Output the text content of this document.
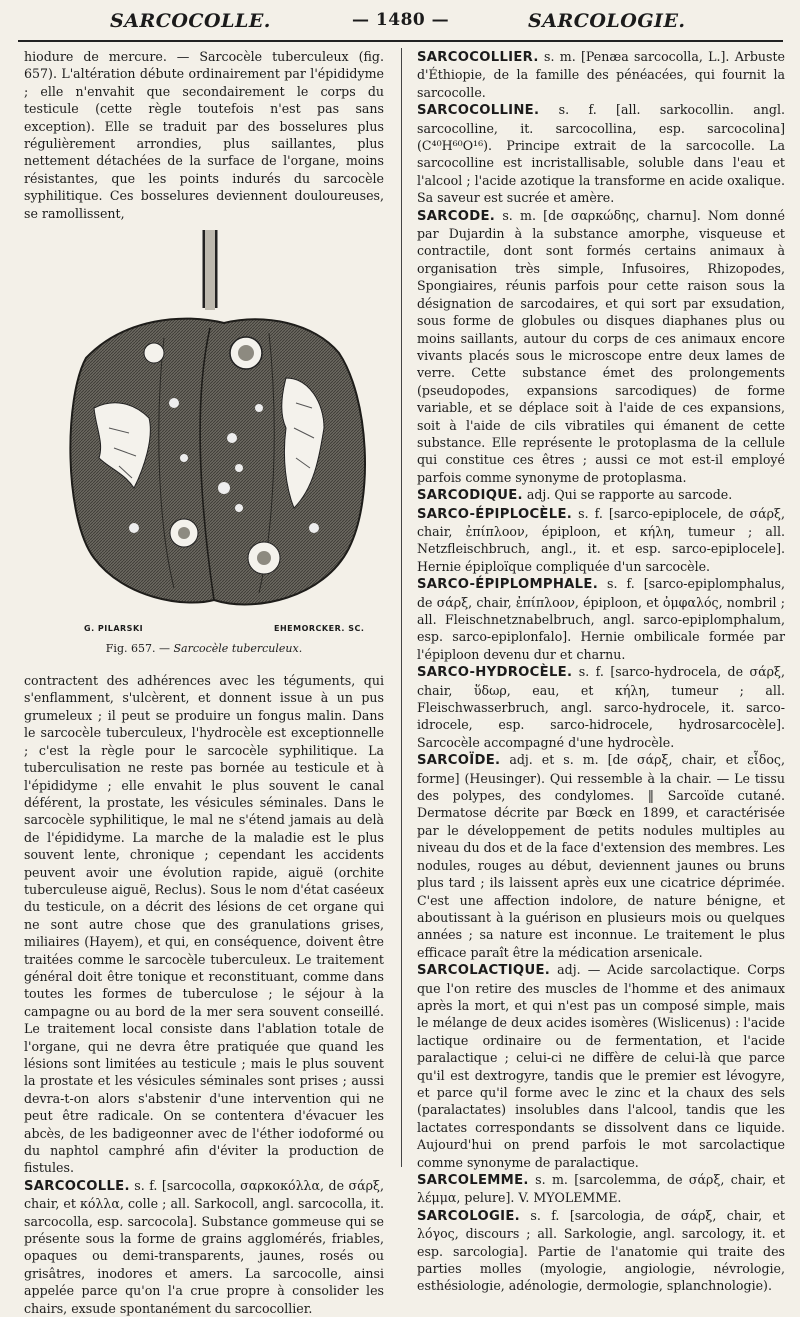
SARCOCOLLE.	— 1480 —	SARCOLOGIE.

hiodure de mercure. — Sarcocèle tuberculeux (fig. 657). L'altération débute ordinairement par l'épididyme ; elle n'envahit que secondairement le corps du testicule (cette règle toutefois n'est pas sans exception). Elle se traduit par des bosselures plus régulièrement arrondies, plus saillantes, plus nettement détachées de la surface de l'organe, moins résistantes, que les points indurés du sarcocèle syphilitique. Ces bosselures deviennent douloureuses, se ramollissent,

G. PILARSKI	EHEMORCKER. SC.
Fig. 657. — Sarcocèle tuberculeux.

contractent des adhérences avec les téguments, qui s'enflamment, s'ulcèrent, et donnent issue à un pus grumeleux ; il peut se produire un fongus malin. Dans le sarcocèle tuberculeux, l'hydrocèle est exceptionnelle ; c'est la règle pour le sarcocèle syphilitique. La tuberculisation ne reste pas bornée au testicule et à l'épididyme ; elle envahit le plus souvent le canal déférent, la prostate, les vésicules séminales. Dans le sarcocèle syphilitique, le mal ne s'étend jamais au delà de l'épididyme. La marche de la maladie est le plus souvent lente, chronique ; cependant les accidents peuvent avoir une évolution rapide, aiguë (orchite tuberculeuse aiguë, Reclus). Sous le nom d'état caséeux du testicule, on a décrit des lésions de cet organe qui ne sont autre chose que des granulations grises, miliaires (Hayem), et qui, en conséquence, doivent être traitées comme le sarcocèle tuberculeux. Le traitement général doit être tonique et reconstituant, comme dans toutes les formes de tuberculose ; le séjour à la campagne ou au bord de la mer sera souvent conseillé. Le traitement local consiste dans l'ablation totale de l'organe, qui ne devra être pratiquée que quand les lésions sont limitées au testicule ; mais le plus souvent la prostate et les vésicules séminales sont prises ; aussi devra-t-on alors s'abstenir d'une intervention qui ne peut être radicale. On se contentera d'évacuer les abcès, de les badigeonner avec de l'éther iodoformé ou du naphtol camphré afin d'éviter la production de fistules.

SARCOCOLLE. s. f. [sarcocolla, σαρκοκόλλα, de σάρξ, chair, et κόλλα, colle ; all. Sarkocoll, angl. sarcocolla, it. sarcocolla, esp. sarcocola]. Substance gommeuse qui se présente sous la forme de grains agglomérés, friables, opaques ou demi-transparents, jaunes, rosés ou grisâtres, inodores et amers. La sarcocolle, ainsi appelée parce qu'on l'a crue propre à consolider les chairs, exsude spontanément du sarcocollier.

SARCOCOLLIER. s. m. [Penæa sarcocolla, L.]. Arbuste d'Éthiopie, de la famille des pénéacées, qui fournit la sarcocolle.

SARCOCOLLINE. s. f. [all. sarkocollin. angl. sarcocolline, it. sarcocollina, esp. sarcocolina] (C⁴⁰H⁶⁰O¹⁶). Principe extrait de la sarcocolle. La sarcocolline est incristallisable, soluble dans l'eau et l'alcool ; l'acide azotique la transforme en acide oxalique. Sa saveur est sucrée et amère.

SARCODE. s. m. [de σαρκώδης, charnu]. Nom donné par Dujardin à la substance amorphe, visqueuse et contractile, dont sont formés certains animaux à organisation très simple, Infusoires, Rhizopodes, Spongiaires, réunis parfois pour cette raison sous la désignation de sarcodaires, et qui sort par exsudation, sous forme de globules ou disques diaphanes plus ou moins saillants, autour du corps de ces animaux encore vivants placés sous le microscope entre deux lames de verre. Cette substance émet des prolongements (pseudopodes, expansions sarcodiques) de forme variable, et se déplace soit à l'aide de ces expansions, soit à l'aide de cils vibratiles qui émanent de cette substance. Elle représente le protoplasma de la cellule qui constitue ces êtres ; aussi ce mot est-il employé parfois comme synonyme de protoplasma.

SARCODIQUE. adj. Qui se rapporte au sarcode.

SARCO-ÉPIPLOCÈLE. s. f. [sarco-epiplocele, de σάρξ, chair, ἐπίπλοον, épiploon, et κήλη, tumeur ; all. Netzfleischbruch, angl., it. et esp. sarco-epiplocele]. Hernie épiploïque compliquée d'un sarcocèle.

SARCO-ÉPIPLOMPHALE. s. f. [sarco-epiplomphalus, de σάρξ, chair, ἐπίπλοον, épiploon, et ὀμφαλός, nombril ; all. Fleischnetznabelbruch, angl. sarco-epiplomphalum, esp. sarco-epiplonfalo]. Hernie ombilicale formée par l'épiploon devenu dur et charnu.

SARCO-HYDROCÈLE. s. f. [sarco-hydrocela, de σάρξ, chair, ὕδωρ, eau, et κήλη, tumeur ; all. Fleischwasserbruch, angl. sarco-hydrocele, it. sarco-idrocele, esp. sarco-hidrocele, hydrosarcocèle]. Sarcocèle accompagné d'une hydrocèle.

SARCOÏDE. adj. et s. m. [de σάρξ, chair, et εἶδος, forme] (Heusinger). Qui ressemble à la chair. — Le tissu des polypes, des condylomes. ‖ Sarcoïde cutané. Dermatose décrite par Bœck en 1899, et caractérisée par le développement de petits nodules multiples au niveau du dos et de la face d'extension des membres. Les nodules, rouges au début, deviennent jaunes ou bruns plus tard ; ils laissent après eux une cicatrice déprimée. C'est une affection indolore, de nature bénigne, et aboutissant à la guérison en plusieurs mois ou quelques années ; sa nature est inconnue. Le traitement le plus efficace paraît être la médication arsenicale.

SARCOLACTIQUE. adj. — Acide sarcolactique. Corps que l'on retire des muscles de l'homme et des animaux après la mort, et qui n'est pas un composé simple, mais le mélange de deux acides isomères (Wislicenus) : l'acide lactique ordinaire ou de fermentation, et l'acide paralactique ; celui-ci ne diffère de celui-là que parce qu'il est dextrogyre, tandis que le premier est lévogyre, et parce qu'il forme avec le zinc et la chaux des sels (paralactates) insolubles dans l'alcool, tandis que les lactates correspondants se dissolvent dans ce liquide. Aujourd'hui on prend parfois le mot sarcolactique comme synonyme de paralactique.

SARCOLEMME. s. m. [sarcolemma, de σάρξ, chair, et λέμμα, pelure]. V. MYOLEMME.

SARCOLOGIE. s. f. [sarcologia, de σάρξ, chair, et λόγος, discours ; all. Sarkologie, angl. sarcology, it. et esp. sarcologia]. Partie de l'anatomie qui traite des parties molles (myologie, angiologie, névrologie, esthésiologie, adénologie, dermologie, splanchnologie).
